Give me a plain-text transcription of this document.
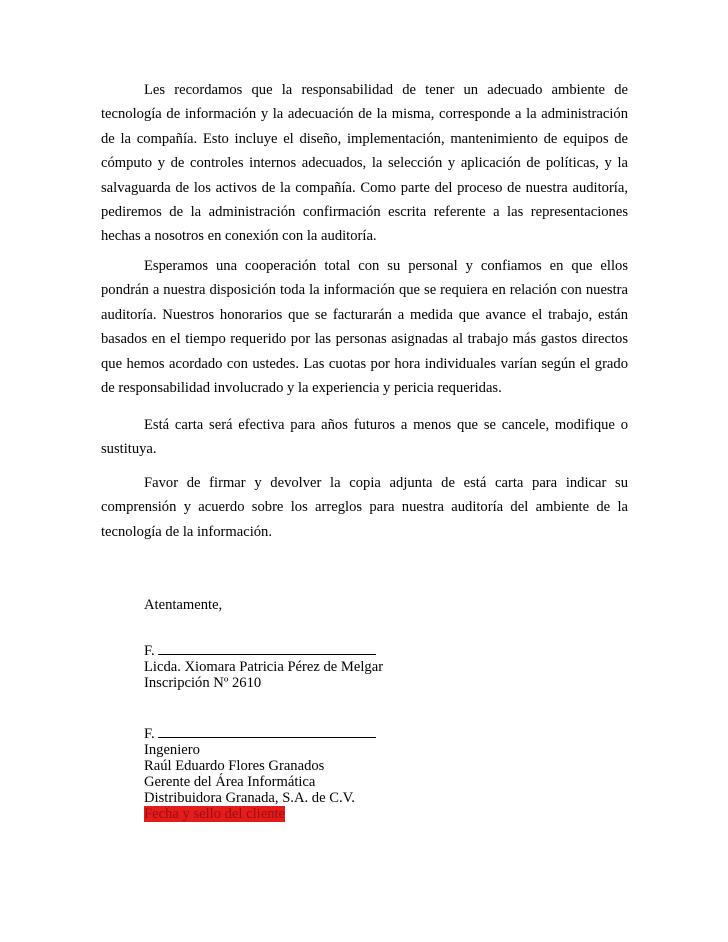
Les recordamos que la responsabilidad de tener un adecuado ambiente de tecnología de información y la adecuación de la misma, corresponde a la administración de la compañía. Esto incluye el diseño, implementación, mantenimiento de equipos de cómputo y de controles internos adecuados, la selección y aplicación de políticas, y la salvaguarda de los activos de la compañía. Como parte del proceso de nuestra auditoría, pediremos de la administración confirmación escrita referente a las representaciones hechas a nosotros en conexión con la auditoría.

Esperamos una cooperación total con su personal y confiamos en que ellos pondrán a nuestra disposición toda la información que se requiera en relación con nuestra auditoría. Nuestros honorarios que se facturarán a medida que avance el trabajo, están basados en el tiempo requerido por las personas asignadas al trabajo más gastos directos que hemos acordado con ustedes. Las cuotas por hora individuales varían según el grado de responsabilidad involucrado y la experiencia y pericia requeridas.

Está carta será efectiva para años futuros a menos que se cancele, modifique o sustituya.

Favor de firmar y devolver la copia adjunta de está carta para indicar su comprensión y acuerdo sobre los arreglos para nuestra auditoría del ambiente de la tecnología de la información.

Atentamente,
F.
Licda. Xiomara Patricia Pérez de Melgar
Inscripción Nº 2610
F.
Ingeniero
Raúl Eduardo Flores Granados
Gerente del Área Informática
Distribuidora Granada, S.A. de C.V.
Fecha y sello del cliente
